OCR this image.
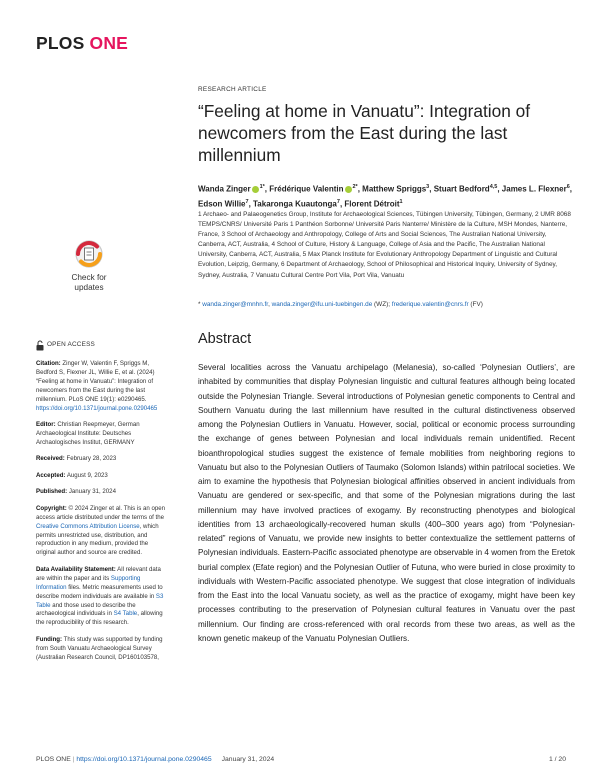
PLOS ONE
RESEARCH ARTICLE
“Feeling at home in Vanuatu”: Integration of newcomers from the East during the last millennium
Wanda Zinger $^{1*}$, Frédérique Valentin $^{2*}$, Matthew Spriggs$^3$, Stuart Bedford$^{4,5}$, James L. Flexner$^6$, Edson Willie$^7$, Takaronga Kuautonga$^7$, Florent Détroit$^1$
1 Archaeo- and Palaeogenetics Group, Institute for Archaeological Sciences, Tübingen University, Tübingen, Germany, 2 UMR 8068 TEMPS/CNRS/ Université Paris 1 Panthéon Sorbonne/ Université Paris Nanterre/ Ministère de la Culture, MSH Mondes, Nanterre, France, 3 School of Archaeology and Anthropology, College of Arts and Social Sciences, The Australian National University, Canberra, ACT, Australia, 4 School of Culture, History & Language, College of Asia and the Pacific, The Australian National University, Canberra, ACT, Australia, 5 Max Planck Institute for Evolutionary Anthropology Department of Linguistic and Cultural Evolution, Leipzig, Germany, 6 Department of Archaeology, School of Philosophical and Historical Inquiry, University of Sydney, Sydney, Australia, 7 Vanuatu Cultural Centre Port Vila, Port Vila, Vanuatu
* wanda.zinger@mnhn.fr, wanda.zinger@ifu.uni-tuebingen.de (WZ); frederique.valentin@cnrs.fr (FV)
Check for
updates
OPEN ACCESS

Citation: Zinger W, Valentin F, Spriggs M, Bedford S, Flexner JL, Willie E, et al. (2024) “Feeling at home in Vanuatu”: Integration of newcomers from the East during the last millennium. PLoS ONE 19(1): e0290465. https://doi.org/10.1371/journal.pone.0290465

Editor: Christian Reepmeyer, German Archaeological Institute: Deutsches Archaologisches Institut, GERMANY

Received: February 28, 2023

Accepted: August 9, 2023

Published: January 31, 2024

Copyright: © 2024 Zinger et al. This is an open access article distributed under the terms of the Creative Commons Attribution License, which permits unrestricted use, distribution, and reproduction in any medium, provided the original author and source are credited.

Data Availability Statement: All relevant data are within the paper and its Supporting Information files. Metric measurements used to describe modern individuals are available in S3 Table and those used to describe the archaeological individuals in S4 Table, allowing the reproducibility of this research.

Funding: This study was supported by funding from South Vanuatu Archaeological Survey (Australian Research Council, DP160103578,

Abstract
Several localities across the Vanuatu archipelago (Melanesia), so-called ‘Polynesian Outliers’, are inhabited by communities that display Polynesian linguistic and cultural features although being located outside the Polynesian Triangle. Several introductions of Polynesian genetic components to Central and Southern Vanuatu during the last millennium have resulted in the cultural distinctiveness observed among the Polynesian Outliers in Vanuatu. However, social, political or economic process surrounding the exchange of genes between Polynesian and local individuals remain unidentified. Recent bioanthropological studies suggest the existence of female mobilities from neighboring regions to Vanuatu but also to the Polynesian Outliers of Taumako (Solomon Islands) within patrilocal societies. We aim to examine the hypothesis that Polynesian biological affinities observed in ancient individuals from Vanuatu are gendered or sex-specific, and that some of the Polynesian migrations during the last millennium may have involved practices of exogamy. By reconstructing phenotypes and biological identities from 13 archaeologically-recovered human skulls (400–300 years ago) from “Polynesian-related” regions of Vanuatu, we provide new insights to better contextualize the settlement patterns of Polynesian individuals. Eastern-Pacific associated phenotype are observable in 4 women from the Eretok burial complex (Efate region) and the Polynesian Outlier of Futuna, who were buried in close proximity to individuals with Western-Pacific associated phenotype. We suggest that close integration of individuals from the East into the local Vanuatu society, as well as the practice of exogamy, might have been key processes contributing to the preservation of Polynesian cultural features in Vanuatu over the past millennium. Our finding are cross-referenced with oral records from these two areas, as well as the known genetic makeup of the Vanuatu Polynesian Outliers.
PLOS ONE | https://doi.org/10.1371/journal.pone.0290465 January 31, 2024	1 / 20
